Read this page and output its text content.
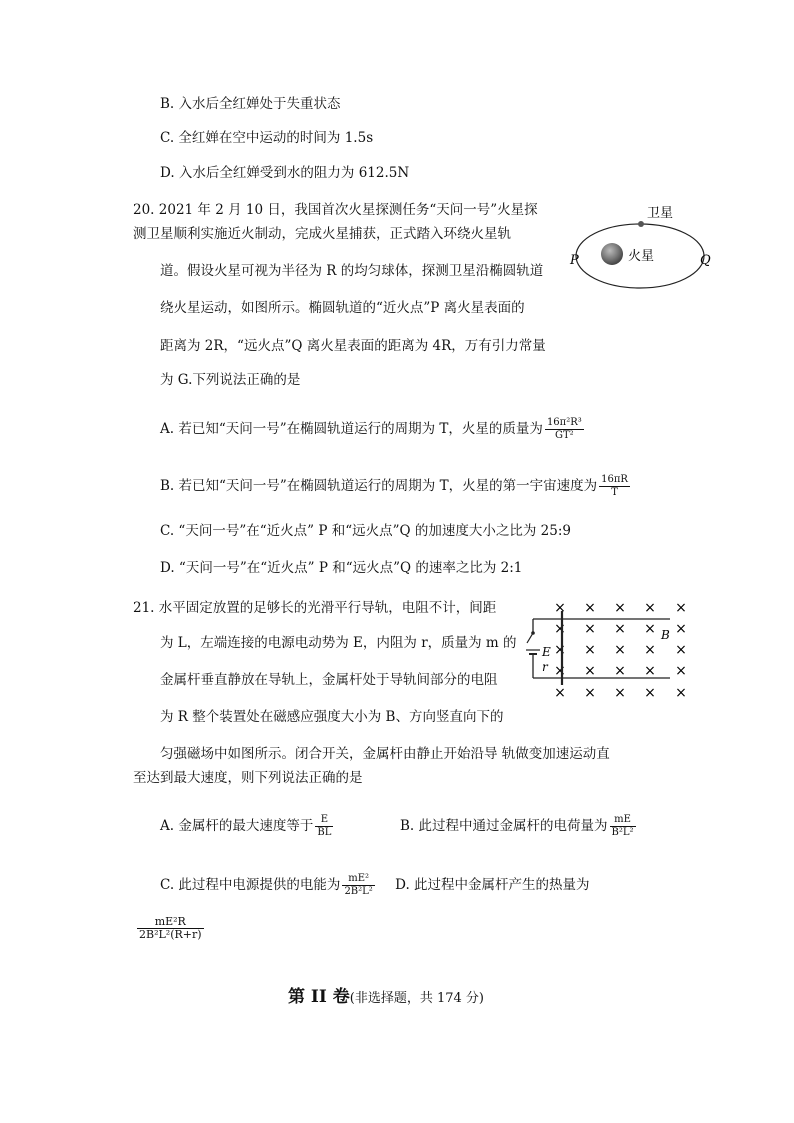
B. 入水后全红婵处于失重状态
C. 全红婵在空中运动的时间为 1.5s
D. 入水后全红婵受到水的阻力为 612.5N
20. 2021 年 2 月 10 日，我国首次火星探测任务“天问一号”火星探
测卫星顺利实施近火制动，完成火星捕获，正式踏入环绕火星轨
道。假设火星可视为半径为 R 的均匀球体，探测卫星沿椭圆轨道
绕火星运动，如图所示。椭圆轨道的“近火点”P 离火星表面的
距离为 2R，“远火点”Q 离火星表面的距离为 4R，万有引力常量
为 G.下列说法正确的是
卫星
火星
P	Q
A. 若已知“天问一号”在椭圆轨道运行的周期为 T，火星的质量为 $\frac{\text{16π²R³}}{\text{GT²}}$
B. 若已知“天问一号”在椭圆轨道运行的周期为 T，火星的第一宇宙速度为 $\frac{16\pi R}{T}$
C. “天问一号”在“近火点” P 和“远火点”Q 的加速度大小之比为 25:9
D. “天问一号”在“近火点” P 和“远火点”Q 的速率之比为 2:1
21. 水平固定放置的足够长的光滑平行导轨，电阻不计，间距
为 L，左端连接的电源电动势为 E，内阻为 r，质量为 m 的
金属杆垂直静放在导轨上，金属杆处于导轨间部分的电阻
为 R 整个装置处在磁感应强度大小为 B、方向竖直向下的
匀强磁场中如图所示。闭合开关，金属杆由静止开始沿导 轨做变加速运动直
至达到最大速度，则下列说法正确的是
× × × × ×
× × × × ×
× × × × ×
× × × × ×
× × × × ×
E
r
B
A. 金属杆的最大速度等于 $\frac{E}{BL}$	B. 此过程中通过金属杆的电荷量为 $\frac{mE}{\text{B²L²}}$
C. 此过程中电源提供的电能为 $\frac{\text{mE²}}{\text{2B²L²}} D$. 此过程中金属杆产生的热量为
$\frac{\text{mE²R}}{\text{2B²L²(R+r)}}$
第 II 卷(非选择题，共 174 分)
